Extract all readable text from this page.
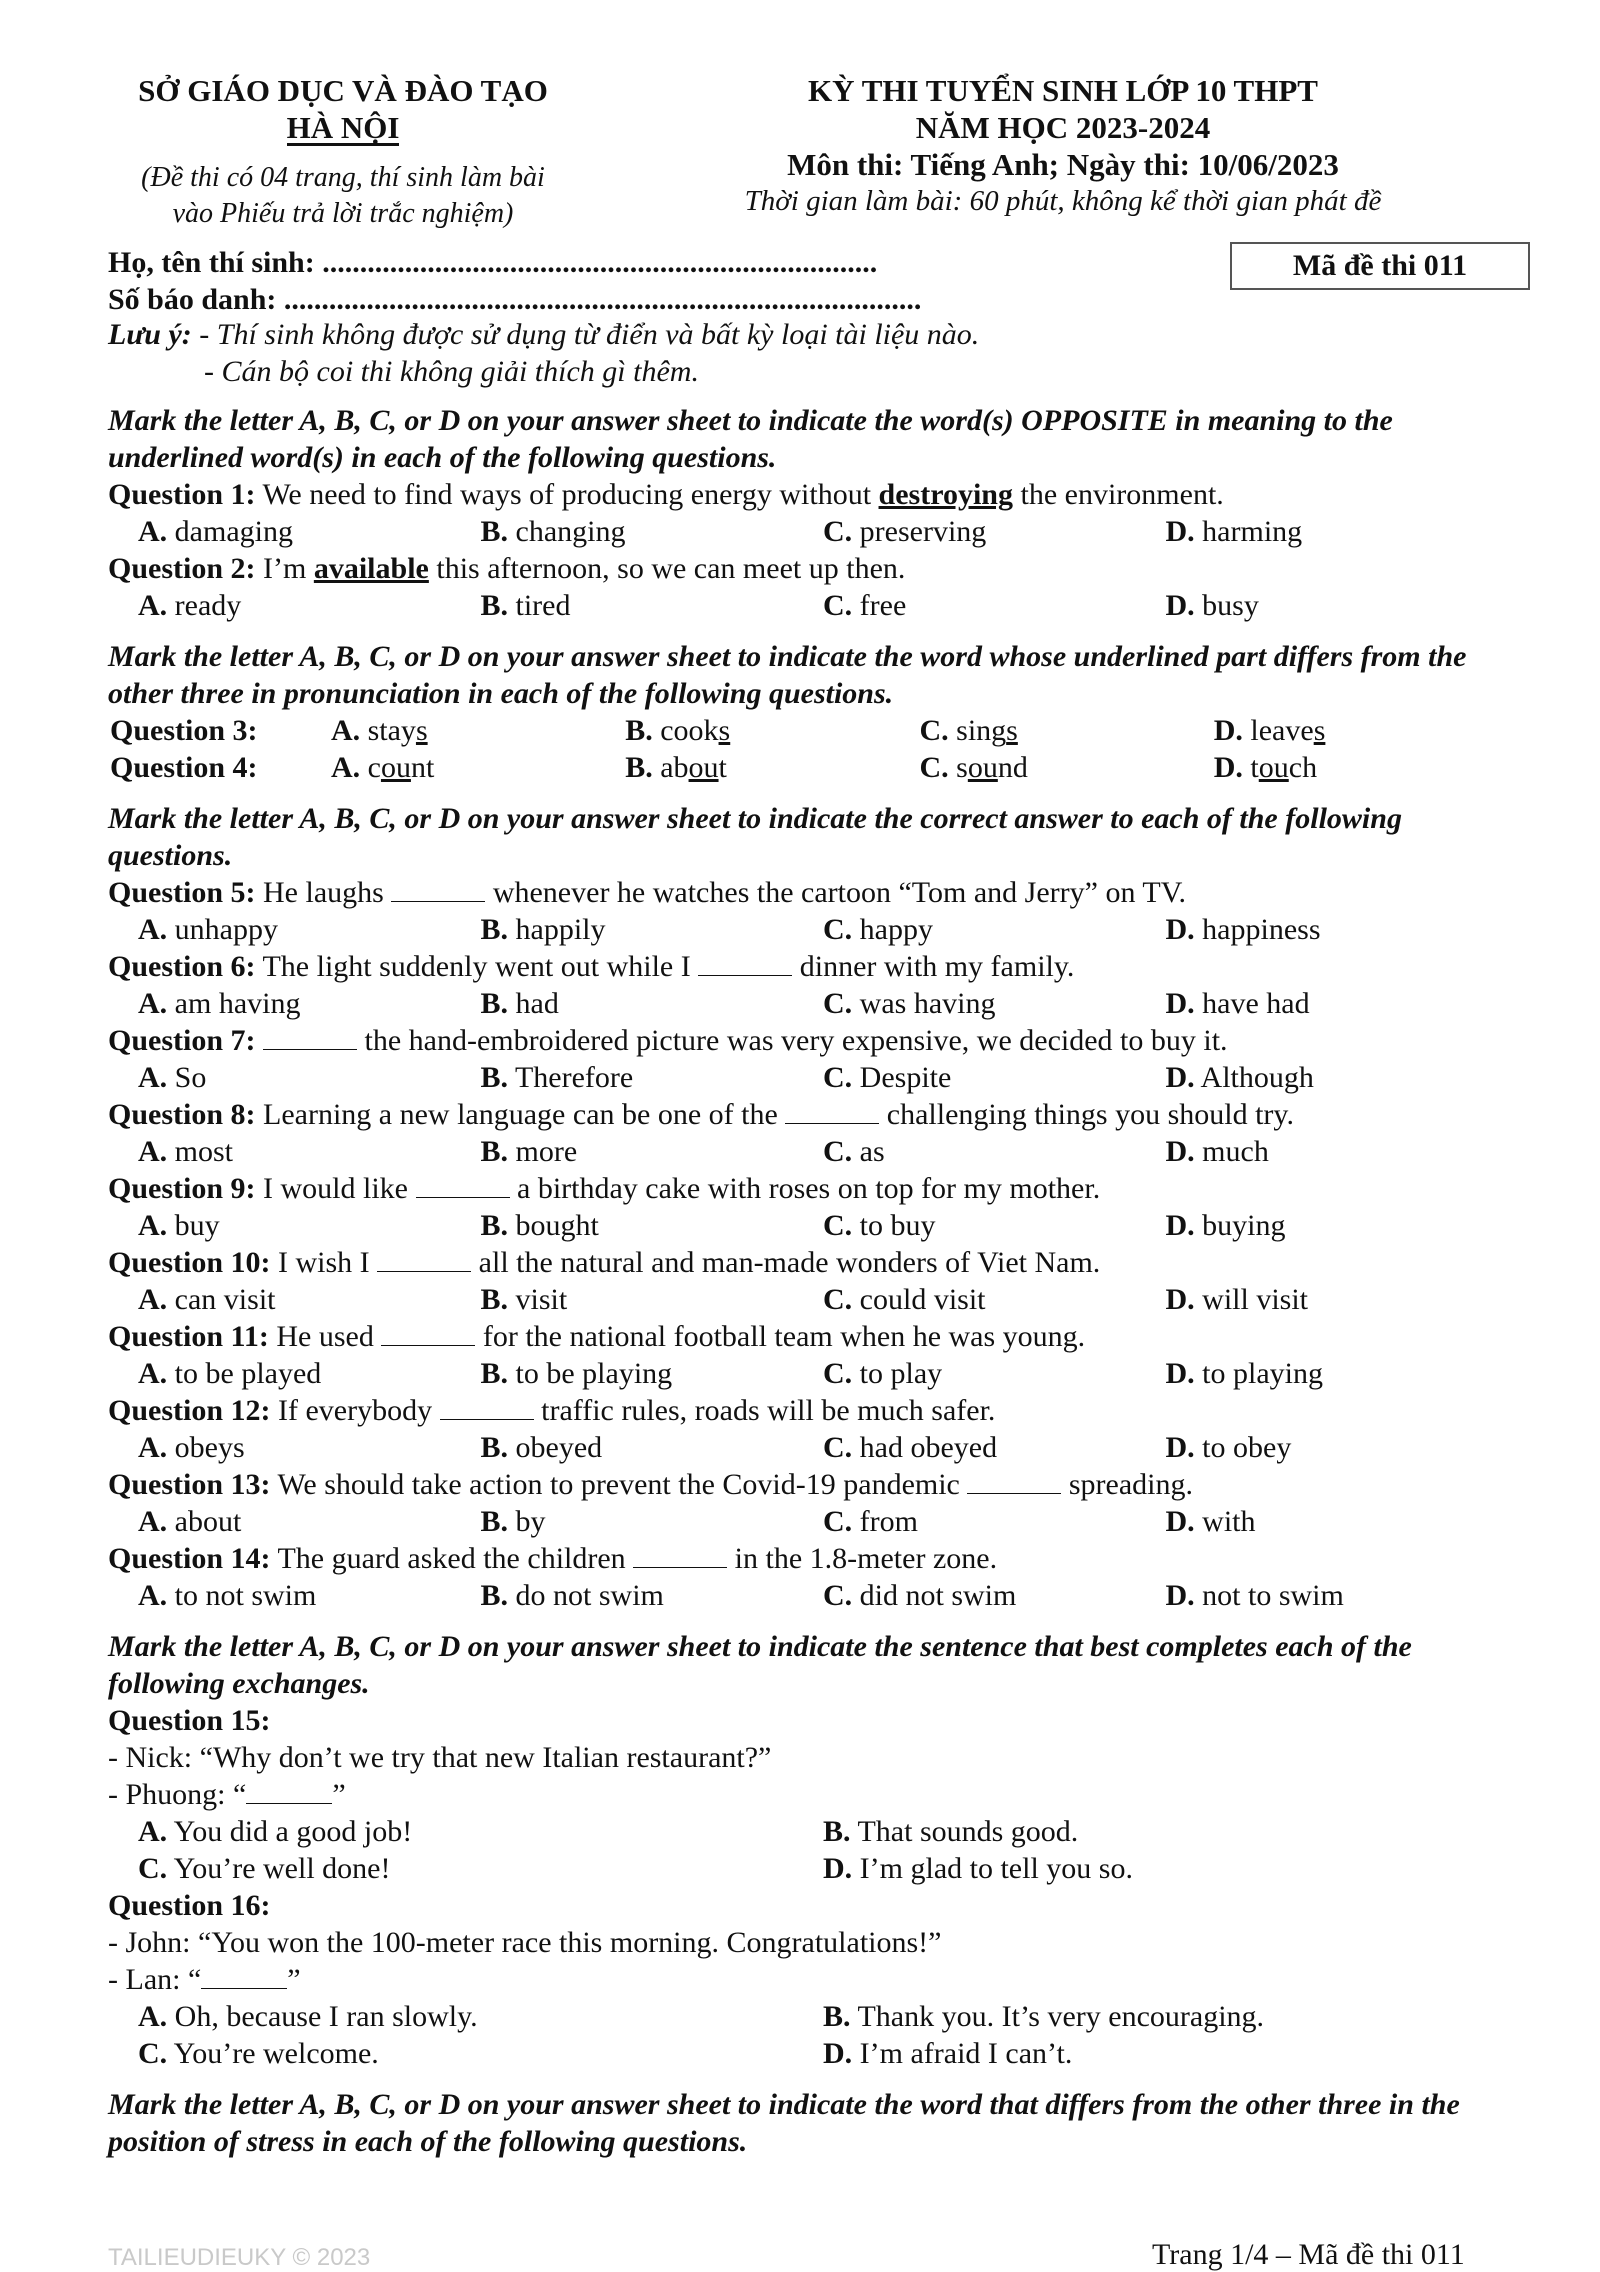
SỞ GIÁO DỤC VÀ ĐÀO TẠO
HÀ NỘI
(Đề thi có 04 trang, thí sinh làm bài
vào Phiếu trả lời trắc nghiệm)
KỲ THI TUYỂN SINH LỚP 10 THPT
NĂM HỌC 2023-2024
Môn thi: Tiếng Anh; Ngày thi: 10/06/2023
Thời gian làm bài: 60 phút, không kể thời gian phát đề
Họ, tên thí sinh: ..........................................................................
Số báo danh: .....................................................................................
Mã đề thi 011
Lưu ý: - Thí sinh không được sử dụng từ điển và bất kỳ loại tài liệu nào.
- Cán bộ coi thi không giải thích gì thêm.
Mark the letter A, B, C, or D on your answer sheet to indicate the word(s) OPPOSITE in meaning to the underlined word(s) in each of the following questions.
Question 1: We need to find ways of producing energy without destroying the environment.
A. damaging	B. changing	C. preserving	D. harming
Question 2: I’m available this afternoon, so we can meet up then.
A. ready	B. tired	C. free	D. busy
Mark the letter A, B, C, or D on your answer sheet to indicate the word whose underlined part differs from the other three in pronunciation in each of the following questions.
Question 3:	A. stays	B. cooks	C. sings	D. leaves
Question 4:	A. count	B. about	C. sound	D. touch
Mark the letter A, B, C, or D on your answer sheet to indicate the correct answer to each of the following questions.
Question 5: He laughs	whenever he watches the cartoon “Tom and Jerry” on TV.
A. unhappy	B. happily	C. happy	D. happiness
Question 6: The light suddenly went out while I	dinner with my family.
A. am having	B. had	C. was having	D. have had
Question 7:	the hand-embroidered picture was very expensive, we decided to buy it.
A. So	B. Therefore	C. Despite	D. Although
Question 8: Learning a new language can be one of the	challenging things you should try.
A. most	B. more	C. as	D. much
Question 9: I would like	a birthday cake with roses on top for my mother.
A. buy	B. bought	C. to buy	D. buying
Question 10: I wish I	all the natural and man-made wonders of Viet Nam.
A. can visit	B. visit	C. could visit	D. will visit
Question 11: He used	for the national football team when he was young.
A. to be played	B. to be playing	C. to play	D. to playing
Question 12: If everybody	traffic rules, roads will be much safer.
A. obeys	B. obeyed	C. had obeyed	D. to obey
Question 13: We should take action to prevent the Covid-19 pandemic	spreading.
A. about	B. by	C. from	D. with
Question 14: The guard asked the children	in the 1.8-meter zone.
A. to not swim	B. do not swim	C. did not swim	D. not to swim
Mark the letter A, B, C, or D on your answer sheet to indicate the sentence that best completes each of the following exchanges.
Question 15:
- Nick: “Why don’t we try that new Italian restaurant?”
- Phuong: “	”
A. You did a good job!	B. That sounds good.
C. You’re well done!	D. I’m glad to tell you so.
Question 16:
- John: “You won the 100-meter race this morning. Congratulations!”
- Lan: “	”
A. Oh, because I ran slowly.	B. Thank you. It’s very encouraging.
C. You’re welcome.	D. I’m afraid I can’t.
Mark the letter A, B, C, or D on your answer sheet to indicate the word that differs from the other three in the position of stress in each of the following questions.
TAILIEUDIEUKY © 2023	Trang 1/4 – Mã đề thi 011
